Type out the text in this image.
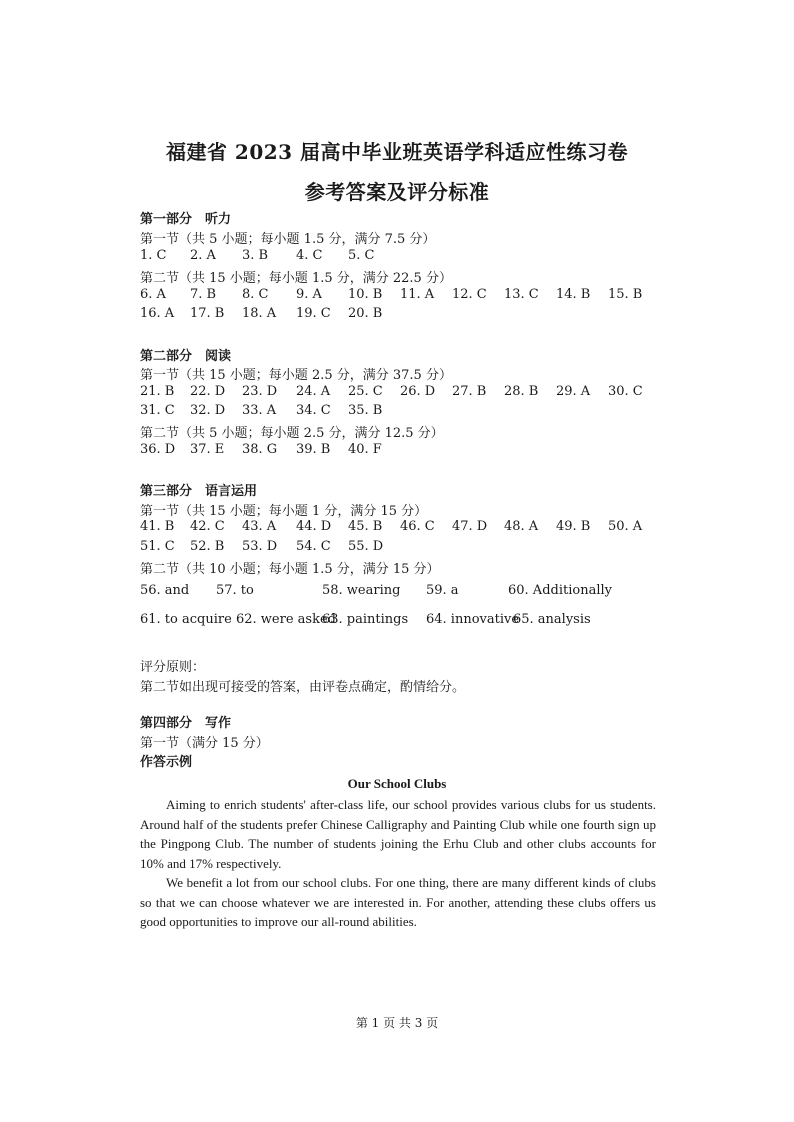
福建省 2023 届高中毕业班英语学科适应性练习卷
参考答案及评分标准
第一部分　听力
第一节（共 5 小题；每小题 1.5 分，满分 7.5 分）
1. C 2. A 3. B 4. C 5. C
第二节（共 15 小题；每小题 1.5 分，满分 22.5 分）
6. A 7. B 8. C 9. A 10. B 11. A 12. C 13. C 14. B 15. B
16. A 17. B 18. A 19. C 20. B
第二部分　阅读
第一节（共 15 小题；每小题 2.5 分，满分 37.5 分）
21. B 22. D 23. D 24. A 25. C 26. D 27. B 28. B 29. A 30. C
31. C 32. D 33. A 34. C 35. B
第二节（共 5 小题；每小题 2.5 分，满分 12.5 分）
36. D 37. E 38. G 39. B 40. F
第三部分　语言运用
第一节（共 15 小题；每小题 1 分，满分 15 分）
41. B 42. C 43. A 44. D 45. B 46. C 47. D 48. A 49. B 50. A
51. C 52. B 53. D 54. C 55. D
第二节（共 10 小题；每小题 1.5 分，满分 15 分）
56. and 57. to	58. wearing 59. a	60. Additionally
61. to acquire 62. were asked
63. paintings 64. innovative
65. analysis
评分原则：
第二节如出现可接受的答案，由评卷点确定，酌情给分。
第四部分　写作
第一节（满分 15 分）
作答示例
Our School Clubs

Aiming to enrich students' after-class life, our school provides various clubs for us students. Around half of the students prefer Chinese Calligraphy and Painting Club while one fourth sign up the Pingpong Club. The number of students joining the Erhu Club and other clubs accounts for 10% and 17% respectively.

We benefit a lot from our school clubs. For one thing, there are many different kinds of clubs so that we can choose whatever we are interested in. For another, attending these clubs offers us good opportunities to improve our all-round abilities.

第 1 页 共 3 页
